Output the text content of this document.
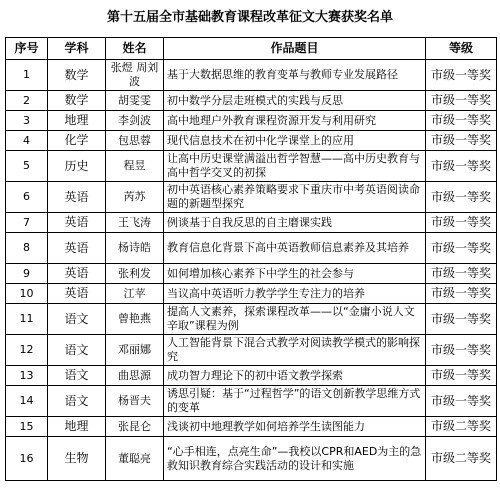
第十五届全市基础教育课程改革征文大赛获奖名单
序号	学科	姓名	作品题目	等级
1	数学	张煜 周刘波	基于大数据思维的教育变革与教师专业发展路径	市级一等奖
2	数学	胡雯雯	初中数学分层走班模式的实践与反思	市级一等奖
3	地理	李剑波	高中地理户外教育课程资源开发与利用研究	市级一等奖
4	化学	包思蓉	现代信息技术在初中化学课堂上的应用	市级一等奖
5	历史	程昱	让高中历史课堂满溢出哲学智慧——高中历史教育与高中哲学交叉的初探	市级一等奖
6	英语	芮苏	初中英语核心素养策略要求下重庆市中考英语阅读命题的新题型探究	市级一等奖
7	英语	王飞涛	例谈基于自我反思的自主磨课实践	市级一等奖
8	英语	杨诗皓	教育信息化背景下高中英语教师信息素养及其培养	市级一等奖
9	英语	张利发	如何增加核心素养下中学生的社会参与	市级一等奖
10	英语	江苹	当议高中英语听力教学学生专注力的培养	市级一等奖
11	语文	曾艳燕	提高人文素养，探索课程改革——以“金庸小说人文辛取”课程为例	市级一等奖
12	语文	邓丽娜	人工智能背景下混合式教学对阅读教学模式的影响探究	市级一等奖
13	语文	曲思源	成功智力理论下的初中语文教学探索	市级一等奖
14	语文	杨晋夫	诱思引疑：基于“过程哲学”的语文创新教学思维方式的变革	市级一等奖
15	地理	张昆仑	浅谈初中地理教学如何培养学生读图能力	市级二等奖
16	生物	董聪亮	“心手相连，点亮生命”—我校以CPR和AED为主的急救知识教育综合实践活动的设计和实施	市级二等奖
